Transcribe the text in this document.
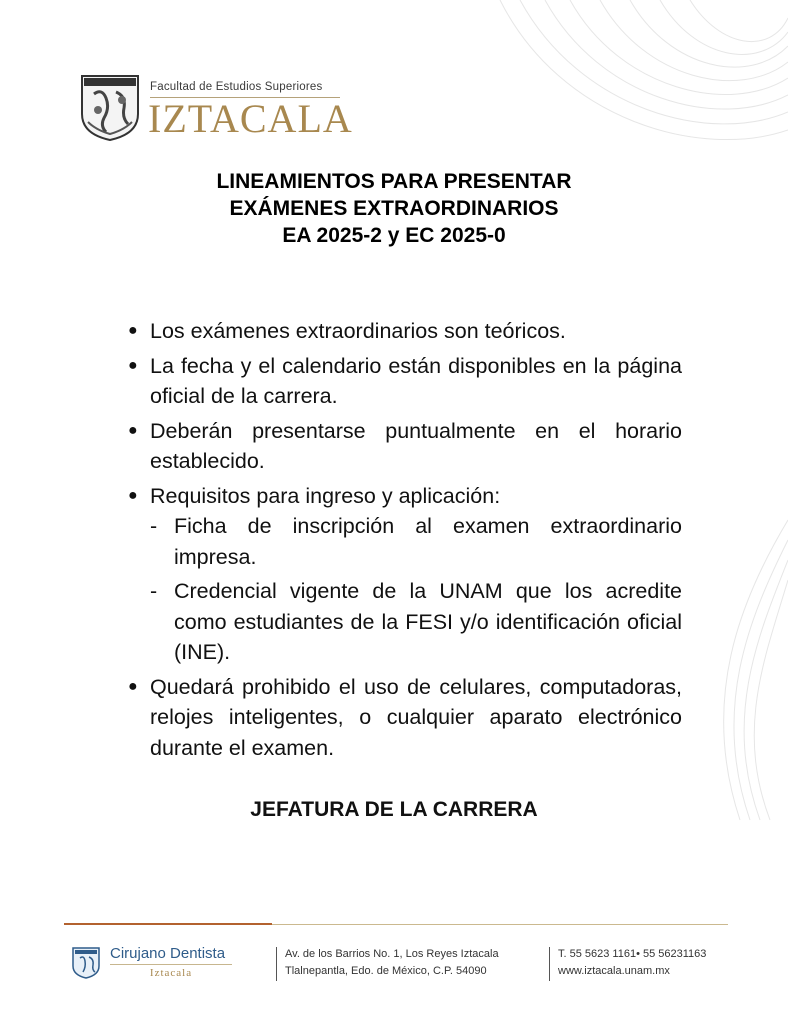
Facultad de Estudios Superiores
IZTACALA
LINEAMIENTOS PARA PRESENTAR
EXÁMENES EXTRAORDINARIOS
EA 2025-2 y EC 2025-0
● Los exámenes extraordinarios son teóricos.
● La fecha y el calendario están disponibles en la página oficial de la carrera.
● Deberán presentarse puntualmente en el horario establecido.
● Requisitos para ingreso y aplicación:
- Ficha de inscripción al examen extraordinario impresa.
- Credencial vigente de la UNAM que los acredite como estudiantes de la FESI y/o identificación oficial (INE).
● Quedará prohibido el uso de celulares, computadoras, relojes inteligentes, o cualquier aparato electrónico durante el examen.
JEFATURA DE LA CARRERA
Cirujano Dentista
Iztacala
Av. de los Barrios No. 1, Los Reyes Iztacala
Tlalnepantla, Edo. de México, C.P. 54090
T. 55 5623 1161• 55 56231163
www.iztacala.unam.mx
